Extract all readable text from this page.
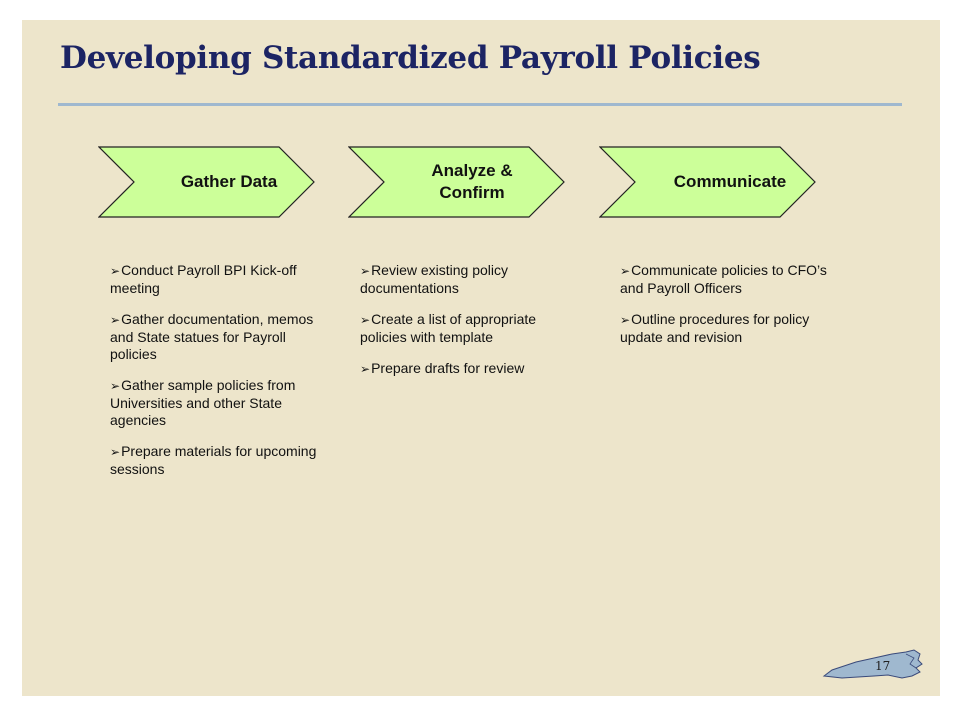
Developing Standardized Payroll Policies
Gather Data
➢Conduct Payroll BPI Kick-off meeting
➢Gather documentation, memos and State statues for Payroll policies
➢Gather sample policies from Universities and other State agencies
➢Prepare materials for upcoming sessions
Analyze & Confirm
➢Review existing policy documentations
➢Create a list of appropriate policies with template
➢Prepare drafts for review
Communicate
➢Communicate policies to CFO’s and Payroll Officers
➢Outline procedures for policy update and revision
17
